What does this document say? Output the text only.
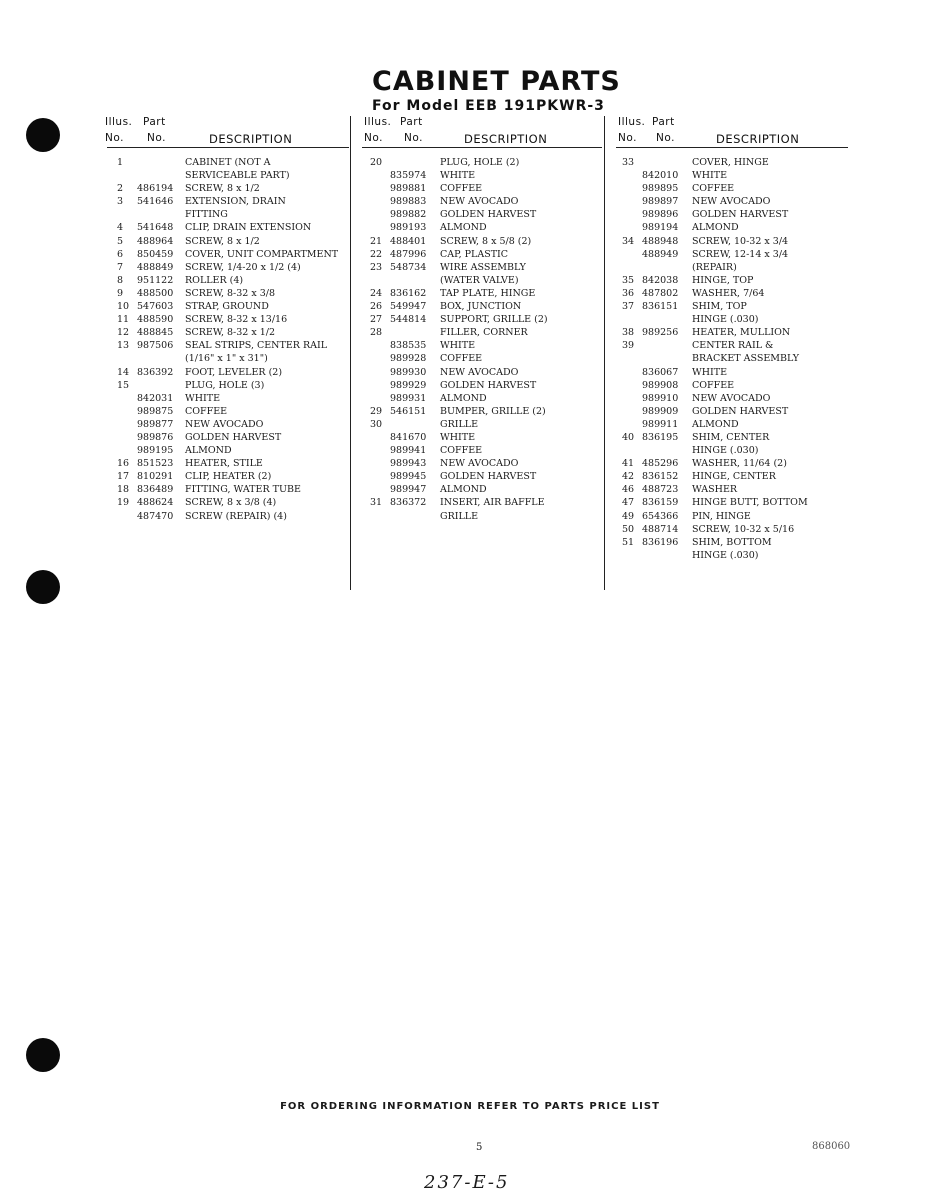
CABINET PARTS
For Model EEB 191PKWR-3
Illus. Part
No. No.	DESCRIPTION
1	CABINET (NOT A
SERVICEABLE PART)
2 486194 SCREW, 8 x 1/2
3 541646 EXTENSION, DRAIN
FITTING
4 541648 CLIP, DRAIN EXTENSION
5 488964 SCREW, 8 x 1/2
6 850459 COVER, UNIT COMPARTMENT
7 488849 SCREW, 1/4-20 x 1/2 (4)
8 951122 ROLLER (4)
9 488500 SCREW, 8-32 x 3/8
10 547603 STRAP, GROUND
11 488590 SCREW, 8-32 x 13/16
12 488845 SCREW, 8-32 x 1/2
13 987506 SEAL STRIPS, CENTER RAIL
(1/16" x 1" x 31")
14 836392 FOOT, LEVELER (2)
15	PLUG, HOLE (3)
842031 WHITE
989875 COFFEE
989877 NEW AVOCADO
989876 GOLDEN HARVEST
989195 ALMOND
16 851523 HEATER, STILE
17 810291 CLIP, HEATER (2)
18 836489 FITTING, WATER TUBE
19 488624 SCREW, 8 x 3/8 (4)
487470 SCREW (REPAIR) (4)
Illus. Part
No. No.	DESCRIPTION
20	PLUG, HOLE (2)
835974 WHITE
989881 COFFEE
989883 NEW AVOCADO
989882 GOLDEN HARVEST
989193 ALMOND
21 488401 SCREW, 8 x 5/8 (2)
22 487996 CAP, PLASTIC
23 548734 WIRE ASSEMBLY
(WATER VALVE)
24 836162 TAP PLATE, HINGE
26 549947 BOX, JUNCTION
27 544814 SUPPORT, GRILLE (2)
28	FILLER, CORNER
838535 WHITE
989928 COFFEE
989930 NEW AVOCADO
989929 GOLDEN HARVEST
989931 ALMOND
29 546151 BUMPER, GRILLE (2)
30	GRILLE
841670 WHITE
989941 COFFEE
989943 NEW AVOCADO
989945 GOLDEN HARVEST
989947 ALMOND
31 836372 INSERT, AIR BAFFLE
GRILLE
Illus. Part
No. No.	DESCRIPTION
33	COVER, HINGE
842010 WHITE
989895 COFFEE
989897 NEW AVOCADO
989896 GOLDEN HARVEST
989194 ALMOND
34 488948 SCREW, 10-32 x 3/4
488949 SCREW, 12-14 x 3/4
(REPAIR)
35 842038 HINGE, TOP
36 487802 WASHER, 7/64
37 836151 SHIM, TOP
HINGE (.030)
38 989256 HEATER, MULLION
39	CENTER RAIL &
BRACKET ASSEMBLY
836067 WHITE
989908 COFFEE
989910 NEW AVOCADO
989909 GOLDEN HARVEST
989911 ALMOND
40 836195 SHIM, CENTER
HINGE (.030)
41 485296 WASHER, 11/64 (2)
42 836152 HINGE, CENTER
46 488723 WASHER
47 836159 HINGE BUTT, BOTTOM
49 654366 PIN, HINGE
50 488714 SCREW, 10-32 x 5/16
51 836196 SHIM, BOTTOM
HINGE (.030)

FOR ORDERING INFORMATION REFER TO PARTS PRICE LIST

5	868060
237-E-5
